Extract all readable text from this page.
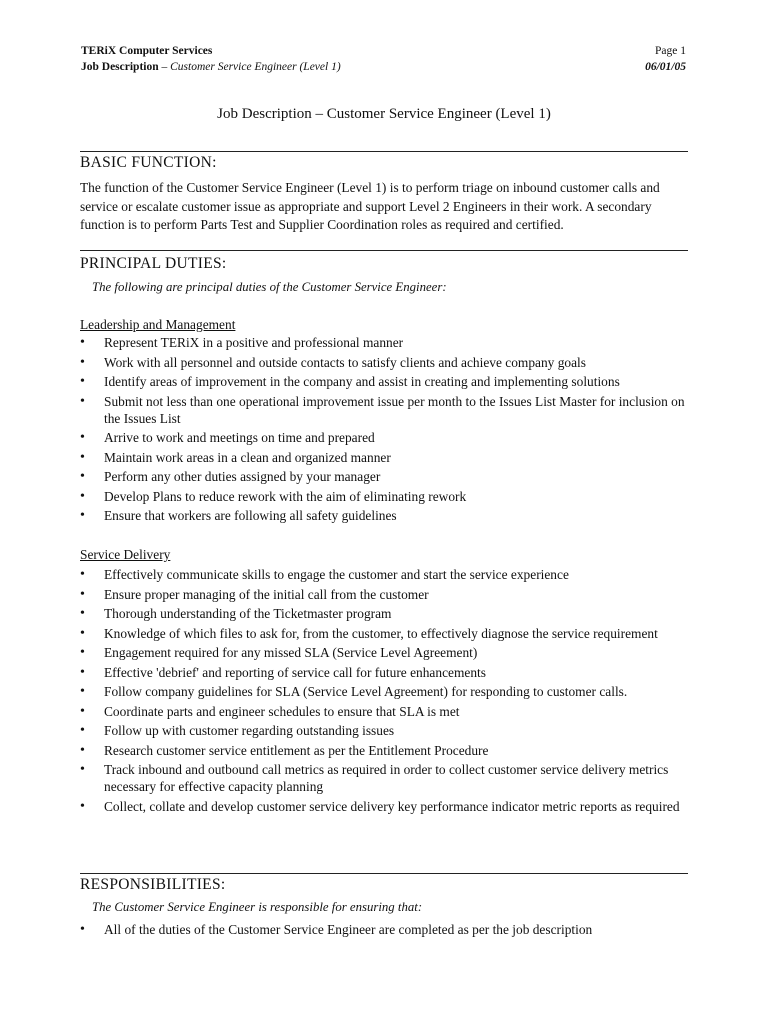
TERiX Computer Services	Page 1
Job Description – Customer Service Engineer (Level 1)	06/01/05
Job Description – Customer Service Engineer (Level 1)
BASIC FUNCTION:
The function of the Customer Service Engineer (Level 1) is to perform triage on inbound customer calls and service or escalate customer issue as appropriate and support Level 2 Engineers in their work. A secondary function is to perform Parts Test and Supplier Coordination roles as required and certified.
PRINCIPAL DUTIES:
The following are principal duties of the Customer Service Engineer:
Leadership and Management
• Represent TERiX in a positive and professional manner
• Work with all personnel and outside contacts to satisfy clients and achieve company goals
• Identify areas of improvement in the company and assist in creating and implementing solutions
• Submit not less than one operational improvement issue per month to the Issues List Master for inclusion on the Issues List
• Arrive to work and meetings on time and prepared
• Maintain work areas in a clean and organized manner
• Perform any other duties assigned by your manager
• Develop Plans to reduce rework with the aim of eliminating rework
• Ensure that workers are following all safety guidelines
Service Delivery
• Effectively communicate skills to engage the customer and start the service experience
• Ensure proper managing of the initial call from the customer
• Thorough understanding of the Ticketmaster program
• Knowledge of which files to ask for, from the customer, to effectively diagnose the service requirement
• Engagement required for any missed SLA (Service Level Agreement)
• Effective 'debrief' and reporting of service call for future enhancements
• Follow company guidelines for SLA (Service Level Agreement) for responding to customer calls.
• Coordinate parts and engineer schedules to ensure that SLA is met
• Follow up with customer regarding outstanding issues
• Research customer service entitlement as per the Entitlement Procedure
• Track inbound and outbound call metrics as required in order to collect customer service delivery metrics necessary for effective capacity planning
• Collect, collate and develop customer service delivery key performance indicator metric reports as required
RESPONSIBILITIES:
The Customer Service Engineer is responsible for ensuring that:
• All of the duties of the Customer Service Engineer are completed as per the job description
